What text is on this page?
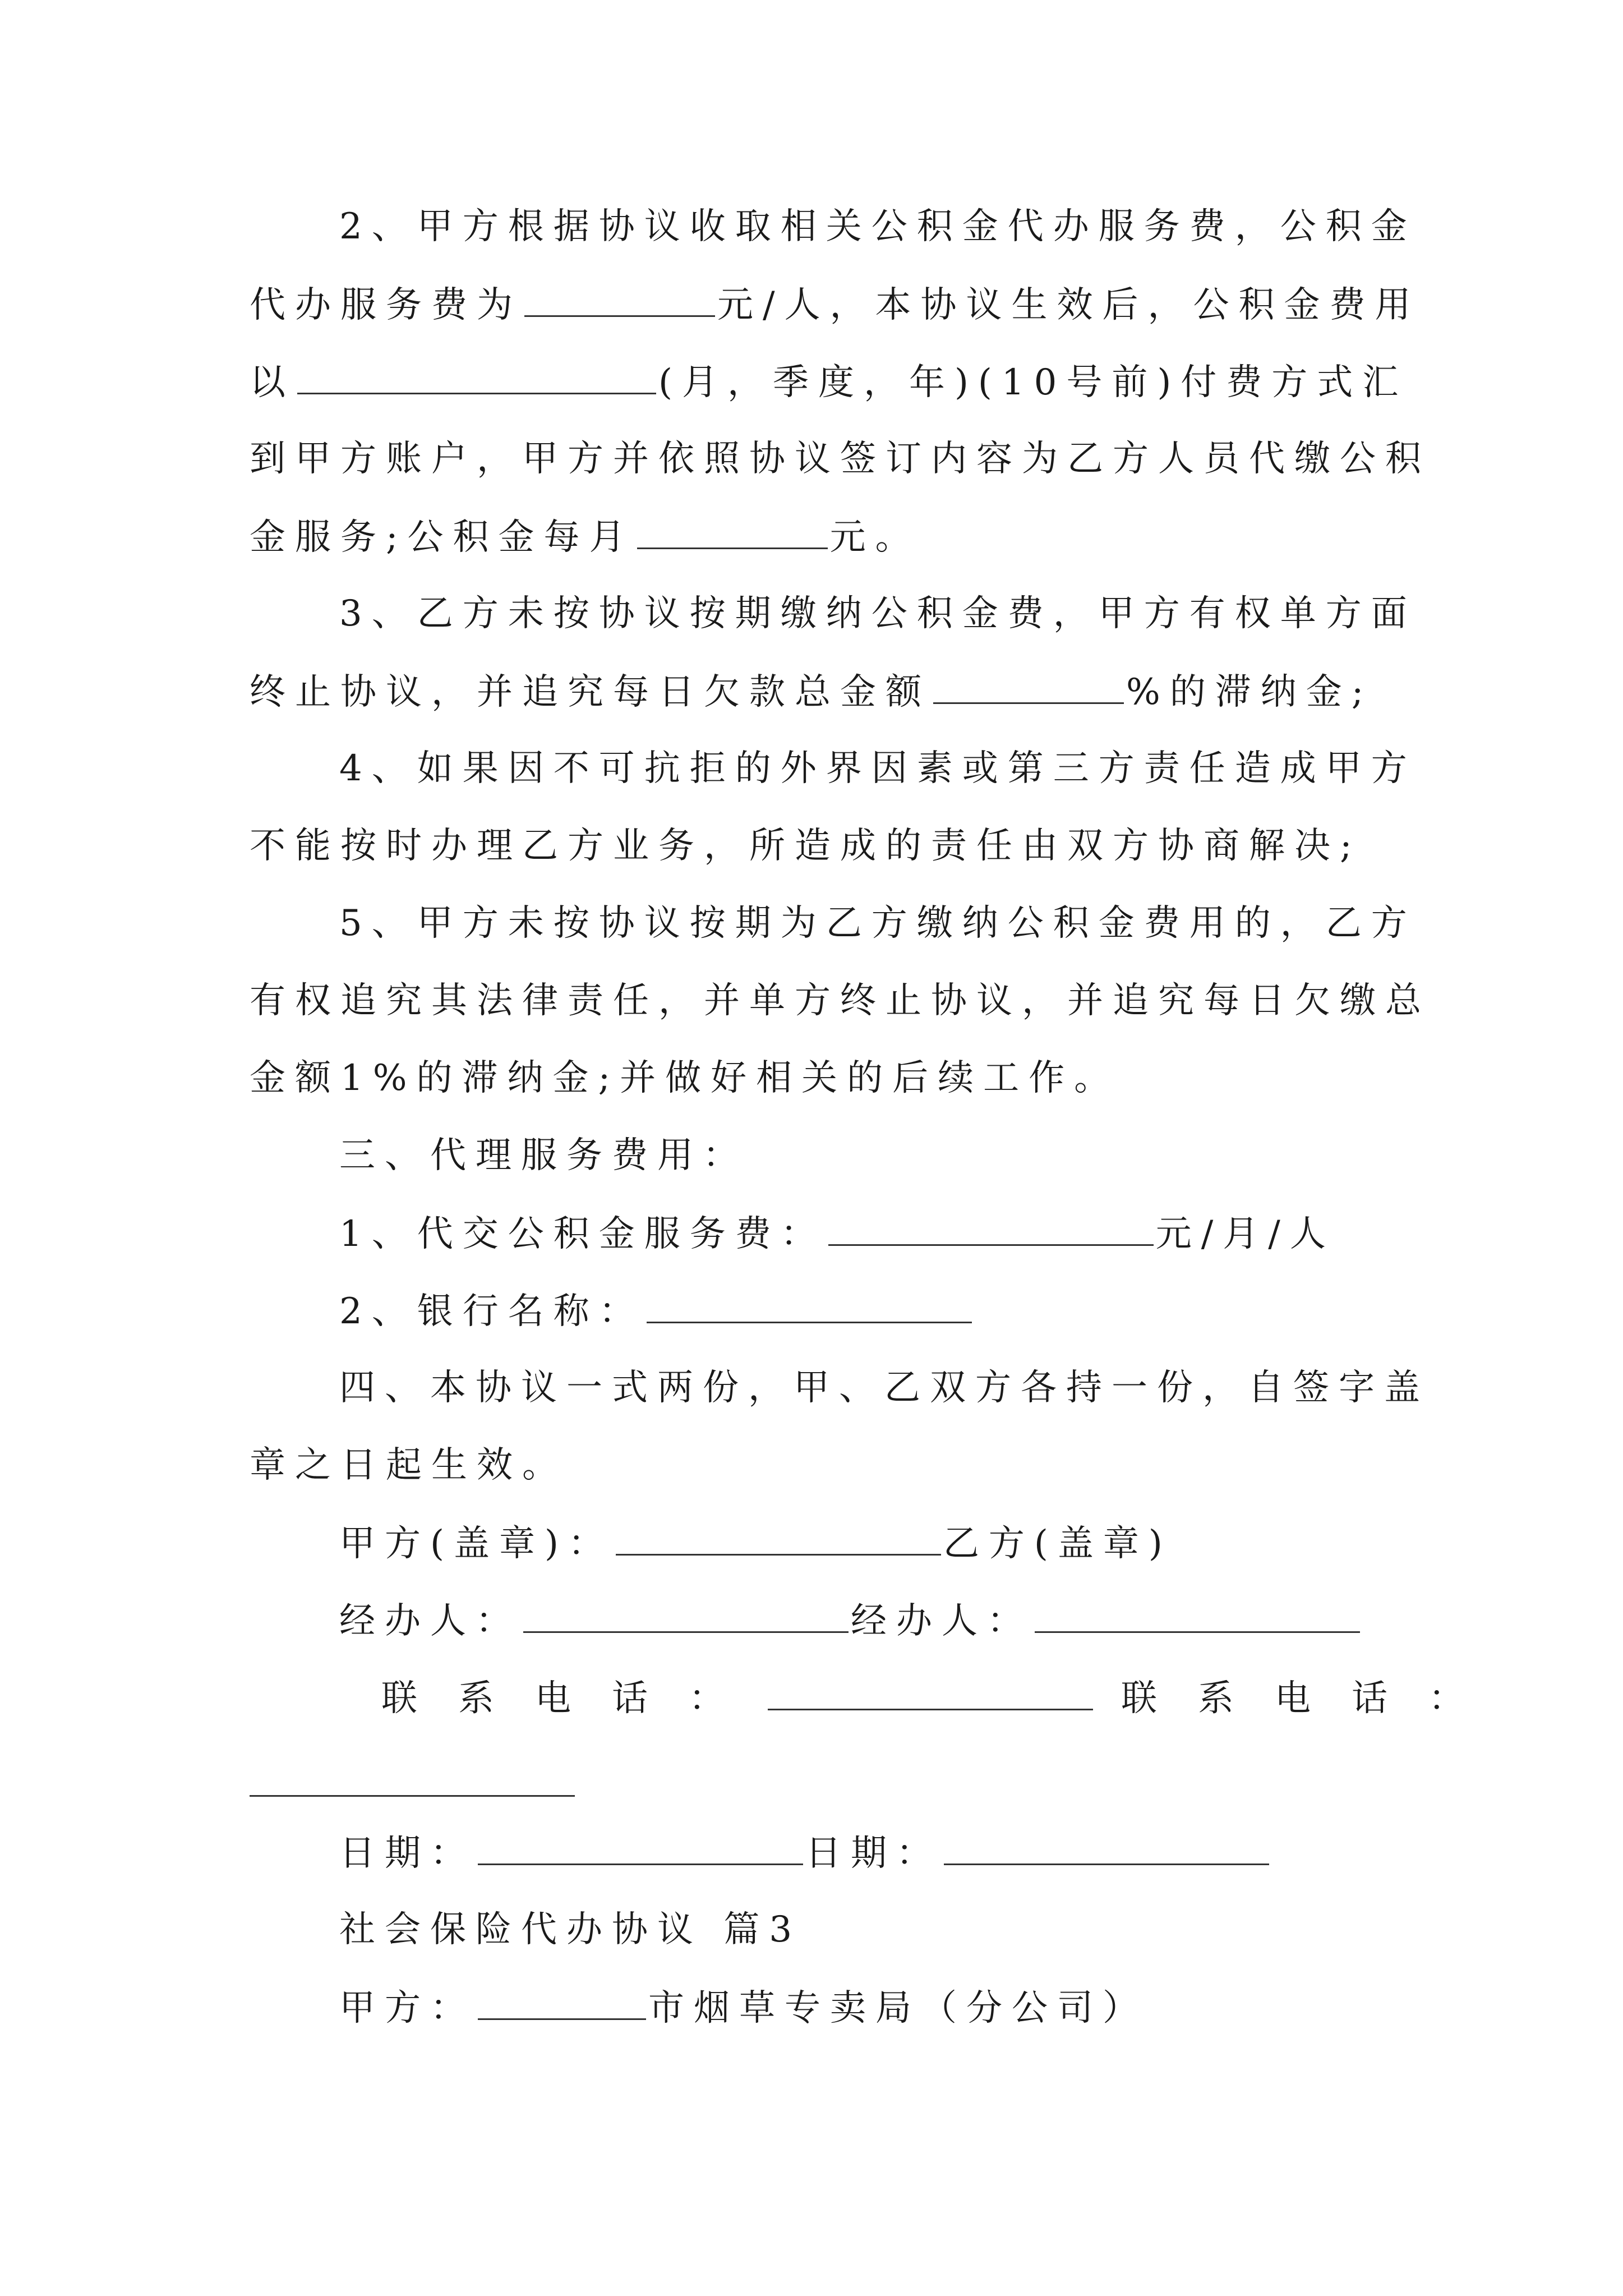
2、甲方根据协议收取相关公积金代办服务费，公积金
代办服务费为	元/人，本协议生效后，公积金费用
以	(月，季度，年)(10号前)付费方式汇
到甲方账户，甲方并依照协议签订内容为乙方人员代缴公积
金服务;公积金每月	元。
3、乙方未按协议按期缴纳公积金费，甲方有权单方面
终止协议，并追究每日欠款总金额	%的滞纳金;
4、如果因不可抗拒的外界因素或第三方责任造成甲方
不能按时办理乙方业务，所造成的责任由双方协商解决;
5、甲方未按协议按期为乙方缴纳公积金费用的，乙方
有权追究其法律责任，并单方终止协议，并追究每日欠缴总
金额1%的滞纳金;并做好相关的后续工作。
三、代理服务费用：
1、代交公积金服务费：	元/月/人
2、银行名称：
四、本协议一式两份，甲、乙双方各持一份，自签字盖
章之日起生效。
甲方(盖章)：	乙方(盖章)
经办人：	经办人：
联系电话：	联系电话：
日期：	日期：
社会保险代办协议 篇3
甲方：	市烟草专卖局（分公司）
